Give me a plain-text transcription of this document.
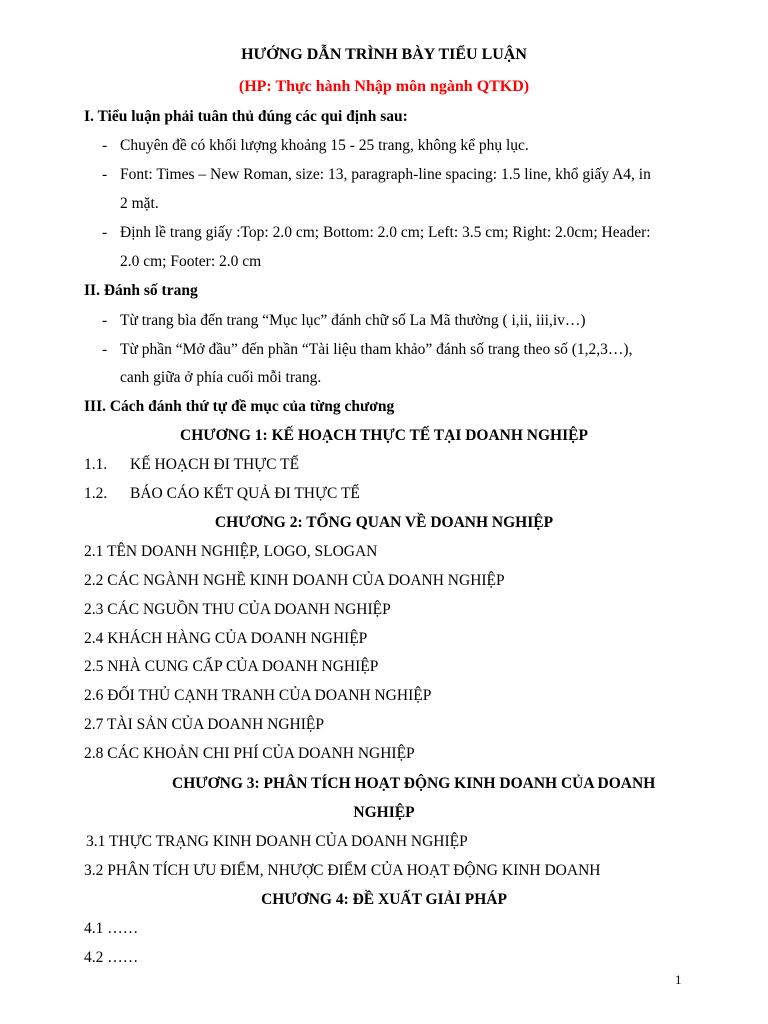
HƯỚNG DẪN TRÌNH BÀY TIỂU LUẬN
(HP: Thực hành Nhập môn ngành QTKD)
I. Tiểu luận phải tuân thủ đúng các qui định sau:
- Chuyên đề có khối lượng khoảng 15 - 25 trang, không kể phụ lục.
- Font: Times – New Roman, size: 13, paragraph-line spacing: 1.5 line, khổ giấy A4, in
2 mặt.
- Định lề trang giấy :Top: 2.0 cm; Bottom: 2.0 cm; Left: 3.5 cm; Right: 2.0cm; Header:
2.0 cm; Footer: 2.0 cm
II. Đánh số trang
- Từ trang bìa đến trang “Mục lục” đánh chữ số La Mã thường ( i,ii, iii,iv…)
- Từ phần “Mở đầu” đến phần “Tài liệu tham khảo” đánh số trang theo số (1,2,3…),
canh giữa ở phía cuối mỗi trang.
III. Cách đánh thứ tự đề mục của từng chương
CHƯƠNG 1: KẾ HOẠCH THỰC TẾ TẠI DOANH NGHIỆP
1.1. KẾ HOẠCH ĐI THỰC TẾ
1.2. BÁO CÁO KẾT QUẢ ĐI THỰC TẾ
CHƯƠNG 2: TỔNG QUAN VỀ DOANH NGHIỆP
2.1 TÊN DOANH NGHIỆP, LOGO, SLOGAN
2.2 CÁC NGÀNH NGHỀ KINH DOANH CỦA DOANH NGHIỆP
2.3 CÁC NGUỒN THU CỦA DOANH NGHIỆP
2.4 KHÁCH HÀNG CỦA DOANH NGHIỆP
2.5 NHÀ CUNG CẤP CỦA DOANH NGHIỆP
2.6 ĐỐI THỦ CẠNH TRANH CỦA DOANH NGHIỆP
2.7 TÀI SẢN CỦA DOANH NGHIỆP
2.8 CÁC KHOẢN CHI PHÍ CỦA DOANH NGHIỆP
CHƯƠNG 3: PHÂN TÍCH HOẠT ĐỘNG KINH DOANH CỦA DOANH
NGHIỆP
3.1 THỰC TRẠNG KINH DOANH CỦA DOANH NGHIỆP
3.2 PHÂN TÍCH ƯU ĐIỂM, NHƯỢC ĐIỂM CỦA HOẠT ĐỘNG KINH DOANH
CHƯƠNG 4: ĐỀ XUẤT GIẢI PHÁP
4.1 ……
4.2 ……
1
